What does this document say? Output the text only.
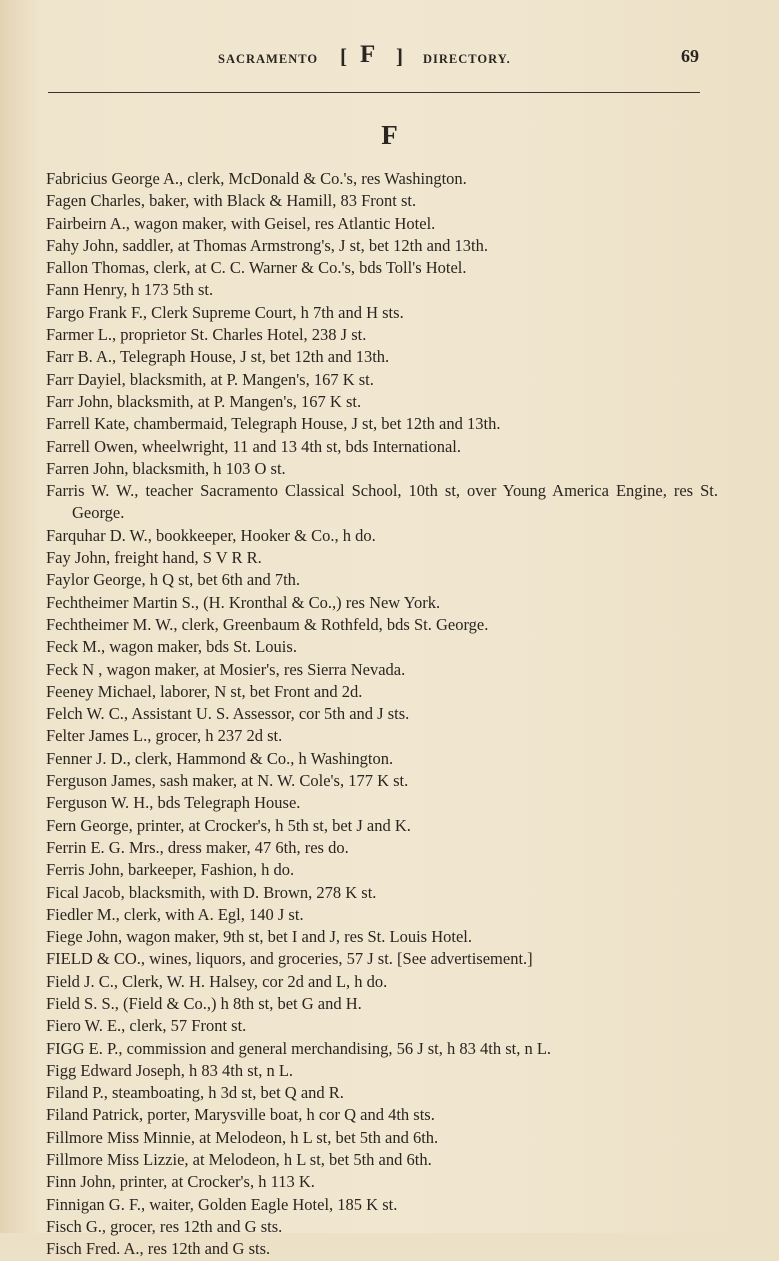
SACRAMENTO [ F ] DIRECTORY.	69
F

Fabricius George A., clerk, McDonald & Co.'s, res Washington.

Fagen Charles, baker, with Black & Hamill, 83 Front st.

Fairbeirn A., wagon maker, with Geisel, res Atlantic Hotel.

Fahy John, saddler, at Thomas Armstrong's, J st, bet 12th and 13th.

Fallon Thomas, clerk, at C. C. Warner & Co.'s, bds Toll's Hotel.

Fann Henry, h 173 5th st.

Fargo Frank F., Clerk Supreme Court, h 7th and H sts.

Farmer L., proprietor St. Charles Hotel, 238 J st.

Farr B. A., Telegraph House, J st, bet 12th and 13th.

Farr Dayiel, blacksmith, at P. Mangen's, 167 K st.

Farr John, blacksmith, at P. Mangen's, 167 K st.

Farrell Kate, chambermaid, Telegraph House, J st, bet 12th and 13th.

Farrell Owen, wheelwright, 11 and 13 4th st, bds International.

Farren John, blacksmith, h 103 O st.

Farris W. W., teacher Sacramento Classical School, 10th st, over Young America Engine, res St. George.

Farquhar D. W., bookkeeper, Hooker & Co., h do.

Fay John, freight hand, S V R R.

Faylor George, h Q st, bet 6th and 7th.

Fechtheimer Martin S., (H. Kronthal & Co.,) res New York.

Fechtheimer M. W., clerk, Greenbaum & Rothfeld, bds St. George.

Feck M., wagon maker, bds St. Louis.

Feck N , wagon maker, at Mosier's, res Sierra Nevada.

Feeney Michael, laborer, N st, bet Front and 2d.

Felch W. C., Assistant U. S. Assessor, cor 5th and J sts.

Felter James L., grocer, h 237 2d st.

Fenner J. D., clerk, Hammond & Co., h Washington.

Ferguson James, sash maker, at N. W. Cole's, 177 K st.

Ferguson W. H., bds Telegraph House.

Fern George, printer, at Crocker's, h 5th st, bet J and K.

Ferrin E. G. Mrs., dress maker, 47 6th, res do.

Ferris John, barkeeper, Fashion, h do.

Fical Jacob, blacksmith, with D. Brown, 278 K st.

Fiedler M., clerk, with A. Egl, 140 J st.

Fiege John, wagon maker, 9th st, bet I and J, res St. Louis Hotel.

FIELD & CO., wines, liquors, and groceries, 57 J st. [See advertisement.]

Field J. C., Clerk, W. H. Halsey, cor 2d and L, h do.

Field S. S., (Field & Co.,) h 8th st, bet G and H.

Fiero W. E., clerk, 57 Front st.

FIGG E. P., commission and general merchandising, 56 J st, h 83 4th st, n L.

Figg Edward Joseph, h 83 4th st, n L.

Filand P., steamboating, h 3d st, bet Q and R.

Filand Patrick, porter, Marysville boat, h cor Q and 4th sts.

Fillmore Miss Minnie, at Melodeon, h L st, bet 5th and 6th.

Fillmore Miss Lizzie, at Melodeon, h L st, bet 5th and 6th.

Finn John, printer, at Crocker's, h 113 K.

Finnigan G. F., waiter, Golden Eagle Hotel, 185 K st.

Fisch G., grocer, res 12th and G sts.

Fisch Fred. A., res 12th and G sts.
